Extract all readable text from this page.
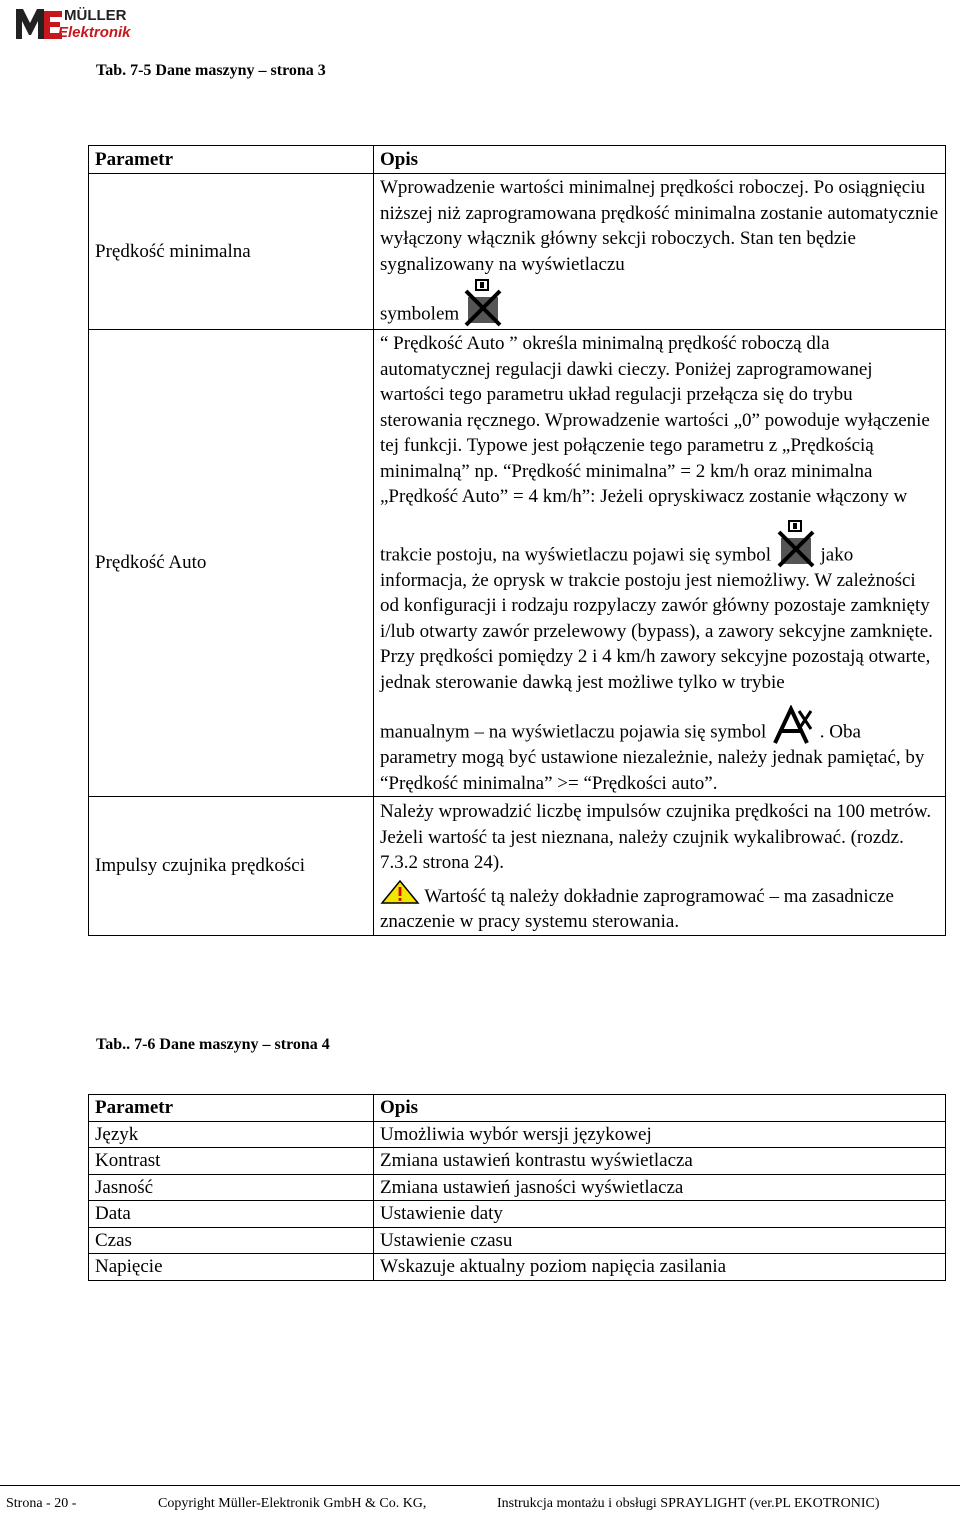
MÜLLER
Elektronik
Tab. 7-5 Dane maszyny – strona 3
Parametr	Opis
Prędkość minimalna	Wprowadzenie wartości minimalnej prędkości roboczej. Po osiągnięciu niższej niż zaprogramowana prędkość minimalna zostanie automatycznie wyłączony włącznik główny sekcji roboczych. Stan ten będzie sygnalizowany na wyświetlaczu
	symbolem
Prędkość Auto	“ Prędkość Auto ” określa minimalną prędkość roboczą dla automatycznej regulacji dawki cieczy. Poniżej zaprogramowanej wartości tego parametru układ regulacji przełącza się do trybu sterowania ręcznego. Wprowadzenie wartości „0” powoduje wyłączenie tej funkcji. Typowe jest połączenie tego parametru z „Prędkością minimalną” np. “Prędkość minimalna” = 2 km/h oraz minimalna „Prędkość Auto” = 4 km/h”: Jeżeli opryskiwacz zostanie włączony w
trakcie postoju, na wyświetlaczu pojawi się symbol jako informacja, że oprysk w trakcie postoju jest niemożliwy. W zależności od konfiguracji i rodzaju rozpylaczy zawór główny pozostaje zamknięty i/lub otwarty zawór przelewowy (bypass), a zawory sekcyjne zamknięte. Przy prędkości pomiędzy 2 i 4 km/h zawory sekcyjne pozostają otwarte, jednak sterowanie dawką jest możliwe tylko w trybie
manualnym – na wyświetlaczu pojawia się symbol . Oba parametry mogą być ustawione niezależnie, należy jednak pamiętać, by “Prędkość minimalna” >= “Prędkości auto”.

Impulsy czujnika prędkości	Należy wprowadzić liczbę impulsów czujnika prędkości na 100 metrów. Jeżeli wartość ta jest nieznana, należy czujnik wykalibrować. (rozdz. 7.3.2 strona 24).
Wartość tą należy dokładnie zaprogramować – ma zasadnicze znaczenie w pracy systemu sterowania.
Tab.. 7-6 Dane maszyny – strona 4
Parametr	Opis
Język	Umożliwia wybór wersji językowej
Kontrast	Zmiana ustawień kontrastu wyświetlacza
Jasność	Zmiana ustawień jasności wyświetlacza
Data	Ustawienie daty
Czas	Ustawienie czasu
Napięcie	Wskazuje aktualny poziom napięcia zasilania
Strona - 20 -	Copyright Müller-Elektronik GmbH & Co. KG,	Instrukcja montażu i obsługi SPRAYLIGHT (ver.PL EKOTRONIC)
